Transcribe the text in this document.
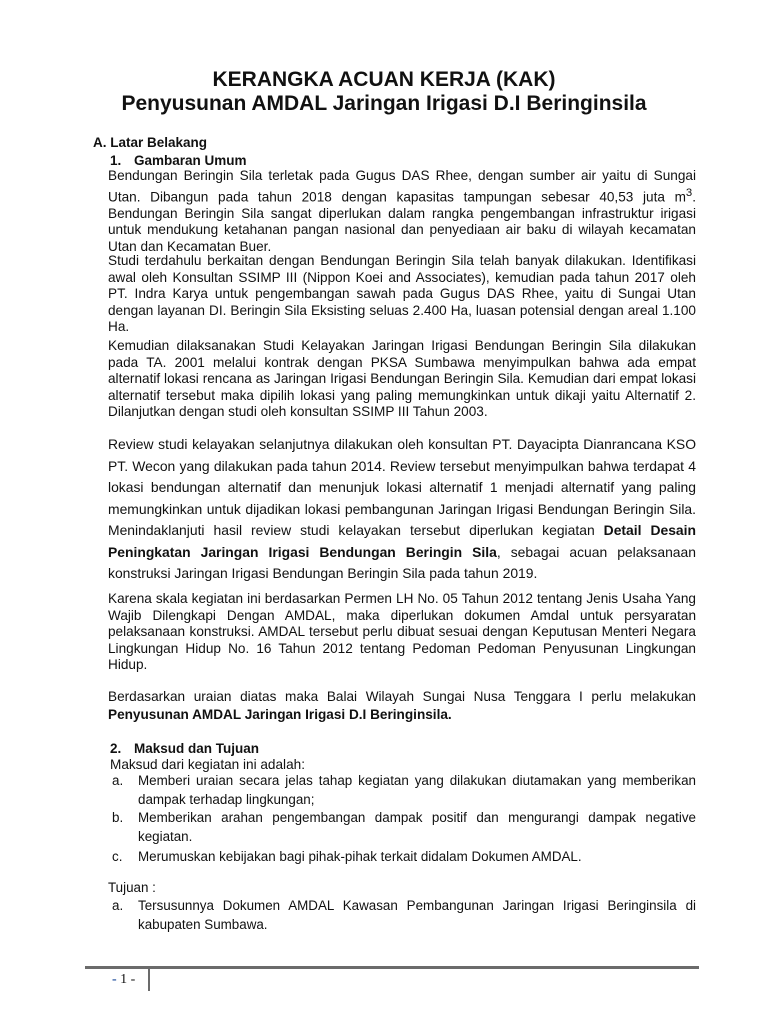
KERANGKA ACUAN KERJA (KAK)
Penyusunan AMDAL Jaringan Irigasi D.I Beringinsila

A. Latar Belakang

1. Gambaran Umum

Bendungan Beringin Sila terletak pada Gugus DAS Rhee, dengan sumber air yaitu di Sungai Utan. Dibangun pada tahun 2018 dengan kapasitas tampungan sebesar 40,53 juta $m^3$. Bendungan Beringin Sila sangat diperlukan dalam rangka pengembangan infrastruktur irigasi untuk mendukung ketahanan pangan nasional dan penyediaan air baku di wilayah kecamatan Utan dan Kecamatan Buer.

Studi terdahulu berkaitan dengan Bendungan Beringin Sila telah banyak dilakukan. Identifikasi awal oleh Konsultan SSIMP III (Nippon Koei and Associates), kemudian pada tahun 2017 oleh PT. Indra Karya untuk pengembangan sawah pada Gugus DAS Rhee, yaitu di Sungai Utan dengan layanan DI. Beringin Sila Eksisting seluas 2.400 Ha, luasan potensial dengan areal 1.100 Ha.

Kemudian dilaksanakan Studi Kelayakan Jaringan Irigasi Bendungan Beringin Sila dilakukan pada TA. 2001 melalui kontrak dengan PKSA Sumbawa menyimpulkan bahwa ada empat alternatif lokasi rencana as Jaringan Irigasi Bendungan Beringin Sila. Kemudian dari empat lokasi alternatif tersebut maka dipilih lokasi yang paling memungkinkan untuk dikaji yaitu Alternatif 2. Dilanjutkan dengan studi oleh konsultan SSIMP III Tahun 2003.

Review studi kelayakan selanjutnya dilakukan oleh konsultan PT. Dayacipta Dianrancana KSO PT. Wecon yang dilakukan pada tahun 2014. Review tersebut menyimpulkan bahwa terdapat 4 lokasi bendungan alternatif dan menunjuk lokasi alternatif 1 menjadi alternatif yang paling memungkinkan untuk dijadikan lokasi pembangunan Jaringan Irigasi Bendungan Beringin Sila. Menindaklanjuti hasil review studi kelayakan tersebut diperlukan kegiatan Detail Desain Peningkatan Jaringan Irigasi Bendungan Beringin Sila, sebagai acuan pelaksanaan konstruksi Jaringan Irigasi Bendungan Beringin Sila pada tahun 2019.

Karena skala kegiatan ini berdasarkan Permen LH No. 05 Tahun 2012 tentang Jenis Usaha Yang Wajib Dilengkapi Dengan AMDAL, maka diperlukan dokumen Amdal untuk persyaratan pelaksanaan konstruksi. AMDAL tersebut perlu dibuat sesuai dengan Keputusan Menteri Negara Lingkungan Hidup No. 16 Tahun 2012 tentang Pedoman Pedoman Penyusunan Lingkungan Hidup.

Berdasarkan uraian diatas maka Balai Wilayah Sungai Nusa Tenggara I perlu melakukan Penyusunan AMDAL Jaringan Irigasi D.I Beringinsila.

2. Maksud dan Tujuan

Maksud dari kegiatan ini adalah:

a. Memberi uraian secara jelas tahap kegiatan yang dilakukan diutamakan yang memberikan dampak terhadap lingkungan;
b. Memberikan arahan pengembangan dampak positif dan mengurangi dampak negative kegiatan.
c. Merumuskan kebijakan bagi pihak-pihak terkait didalam Dokumen AMDAL.

Tujuan :

a. Tersusunnya Dokumen AMDAL Kawasan Pembangunan Jaringan Irigasi Beringinsila di kabupaten Sumbawa.
- 1 -
